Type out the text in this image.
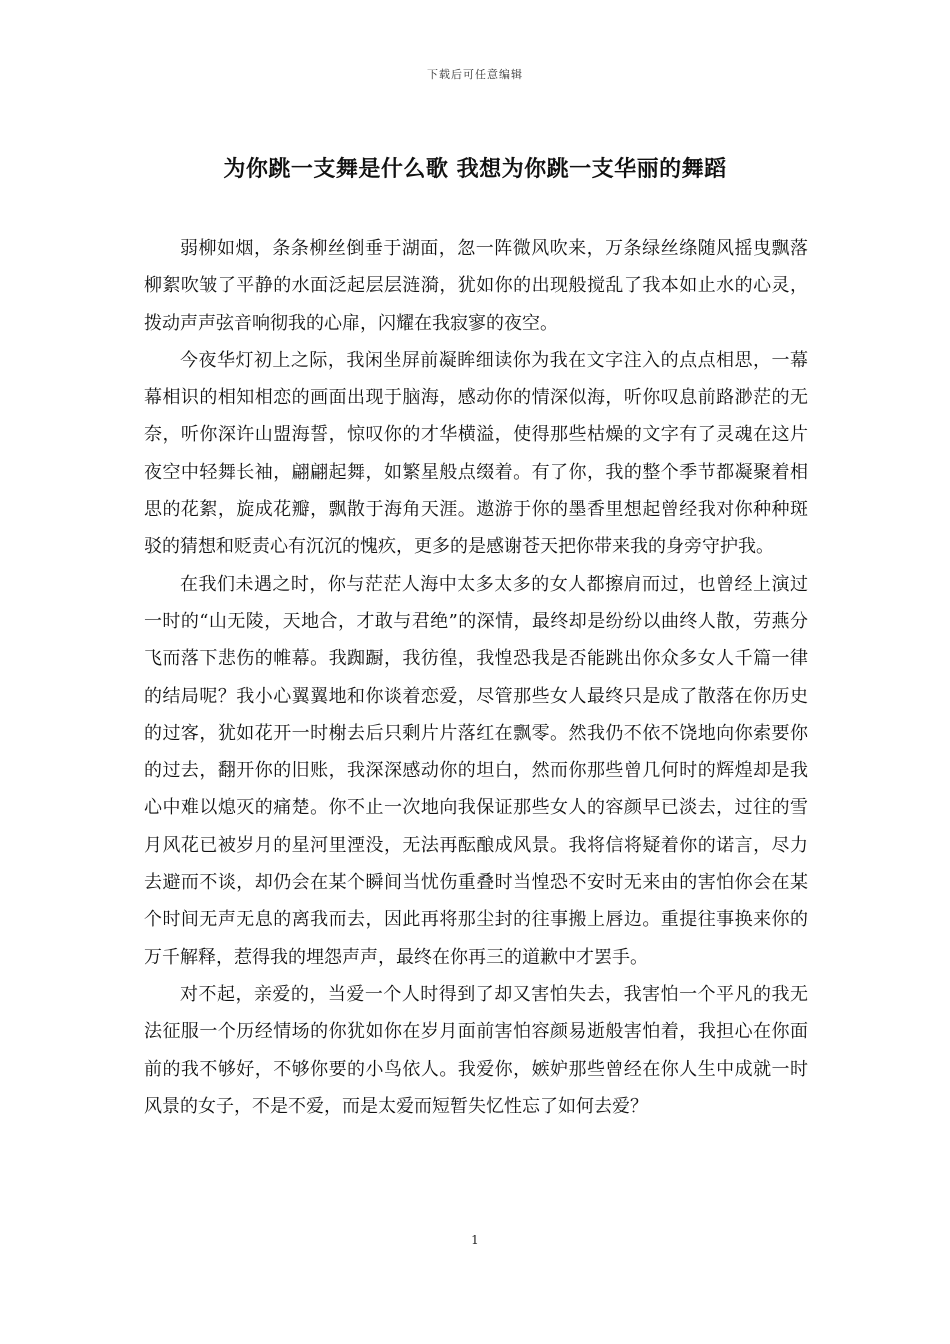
下载后可任意编辑
为你跳一支舞是什么歌 我想为你跳一支华丽的舞蹈

弱柳如烟，条条柳丝倒垂于湖面，忽一阵微风吹来，万条绿丝绦随风摇曳飘落柳絮吹皱了平静的水面泛起层层涟漪，犹如你的出现般搅乱了我本如止水的心灵，拨动声声弦音响彻我的心扉，闪耀在我寂寥的夜空。

今夜华灯初上之际，我闲坐屏前凝眸细读你为我在文字注入的点点相思，一幕幕相识的相知相恋的画面出现于脑海，感动你的情深似海，听你叹息前路渺茫的无奈，听你深许山盟海誓，惊叹你的才华横溢，使得那些枯燥的文字有了灵魂在这片夜空中轻舞长袖，翩翩起舞，如繁星般点缀着。有了你，我的整个季节都凝聚着相思的花絮，旋成花瓣，飘散于海角天涯。遨游于你的墨香里想起曾经我对你种种斑驳的猜想和贬责心有沉沉的愧疚，更多的是感谢苍天把你带来我的身旁守护我。

在我们未遇之时，你与茫茫人海中太多太多的女人都擦肩而过，也曾经上演过一时的“山无陵，天地合，才敢与君绝”的深情，最终却是纷纷以曲终人散，劳燕分飞而落下悲伤的帷幕。我踟蹰，我彷徨，我惶恐我是否能跳出你众多女人千篇一律的结局呢？我小心翼翼地和你谈着恋爱，尽管那些女人最终只是成了散落在你历史的过客，犹如花开一时榭去后只剩片片落红在飘零。然我仍不依不饶地向你索要你的过去，翻开你的旧账，我深深感动你的坦白，然而你那些曾几何时的辉煌却是我心中难以熄灭的痛楚。你不止一次地向我保证那些女人的容颜早已淡去，过往的雪月风花已被岁月的星河里湮没，无法再酝酿成风景。我将信将疑着你的诺言，尽力去避而不谈，却仍会在某个瞬间当忧伤重叠时当惶恐不安时无来由的害怕你会在某个时间无声无息的离我而去，因此再将那尘封的往事搬上唇边。重提往事换来你的万千解释，惹得我的埋怨声声，最终在你再三的道歉中才罢手。

对不起，亲爱的，当爱一个人时得到了却又害怕失去，我害怕一个平凡的我无法征服一个历经情场的你犹如你在岁月面前害怕容颜易逝般害怕着，我担心在你面前的我不够好，不够你要的小鸟依人。我爱你，嫉妒那些曾经在你人生中成就一时风景的女子，不是不爱，而是太爱而短暂失忆性忘了如何去爱？

1
